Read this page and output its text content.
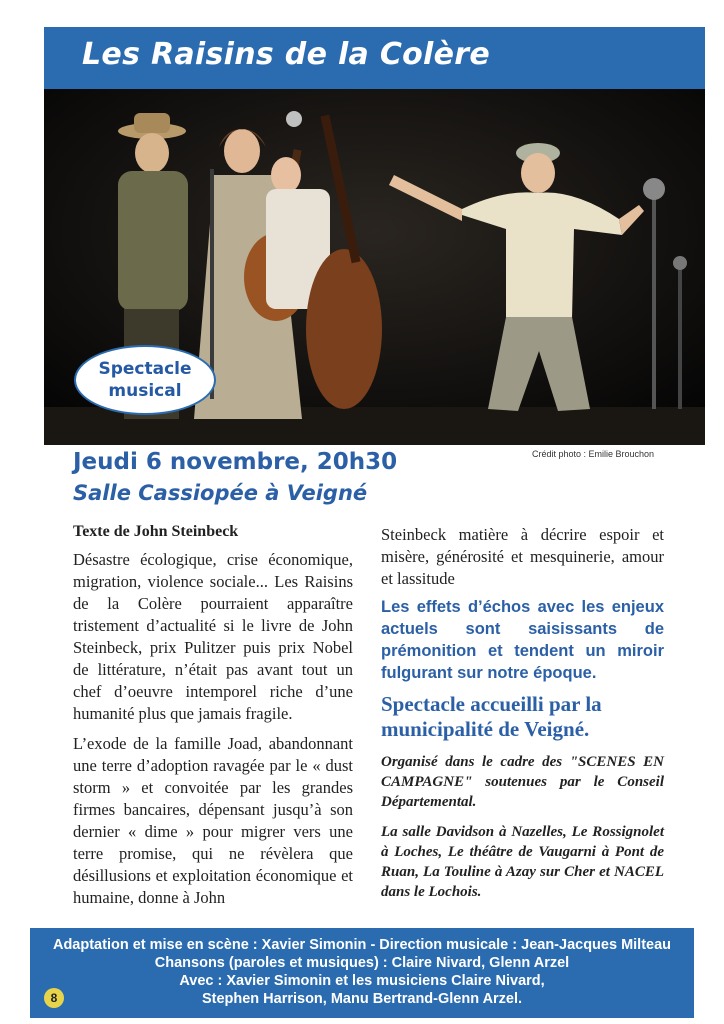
Les Raisins de la Colère
Spectacle
musical
Crédit photo : Emilie Brouchon
Jeudi 6 novembre, 20h30
Salle Cassiopée à Veigné

Texte de John Steinbeck

Désastre écologique, crise économique, migration, violence sociale... Les Raisins de la Colère pourraient apparaître tristement d’actualité si le livre de John Steinbeck, prix Pulitzer puis prix Nobel de littérature, n’était pas avant tout un chef d’oeuvre intemporel riche d’une humanité plus que jamais fragile.

L’exode de la famille Joad, abandonnant une terre d’adoption ravagée par le « dust storm » et convoitée par les grandes firmes bancaires, dépensant jusqu’à son dernier « dime » pour migrer vers une terre promise, qui ne révèlera que désillusions et exploitation économique et humaine, donne à John

Steinbeck matière à décrire espoir et misère, générosité et mesquinerie, amour et lassitude

Les effets d’échos avec les enjeux actuels sont saisissants de prémonition et tendent un miroir fulgurant sur notre époque.

Spectacle accueilli par la municipalité de Veigné.

Organisé dans le cadre des "SCENES EN CAMPAGNE" soutenues par le Conseil Départemental.

La salle Davidson à Nazelles, Le Rossignolet à Loches, Le théâtre de Vaugarni à Pont de Ruan, La Touline à Azay sur Cher et NACEL dans le Lochois.

Adaptation et mise en scène : Xavier Simonin - Direction musicale : Jean-Jacques Milteau
Chansons (paroles et musiques) : Claire Nivard, Glenn Arzel
Avec : Xavier Simonin et les musiciens Claire Nivard,
Stephen Harrison, Manu Bertrand-Glenn Arzel.
8
